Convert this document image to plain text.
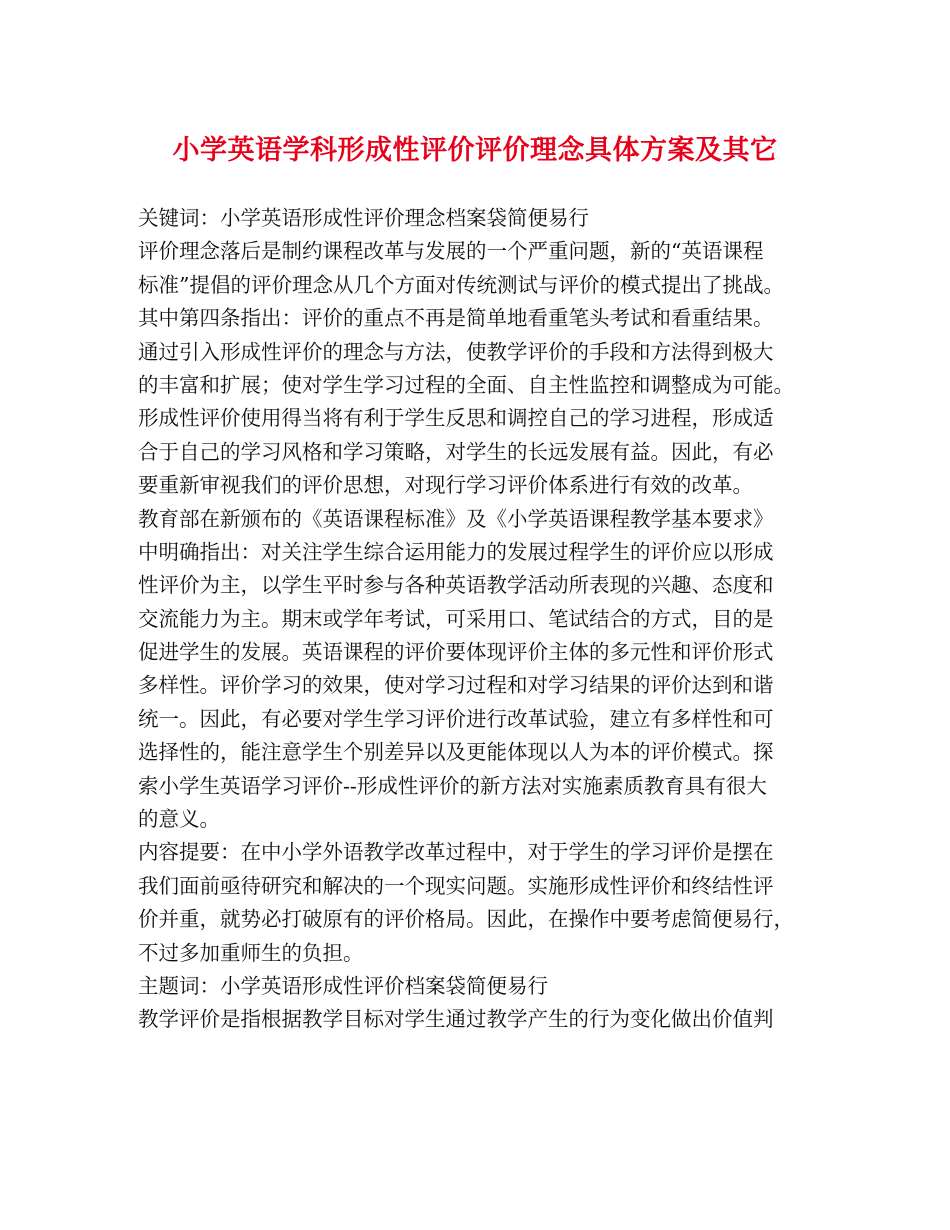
小学英语学科形成性评价评价理念具体方案及其它
关键词：小学英语形成性评价理念档案袋简便易行
评价理念落后是制约课程改革与发展的一个严重问题，新的“英语课程
标准”提倡的评价理念从几个方面对传统测试与评价的模式提出了挑战。
其中第四条指出：评价的重点不再是简单地看重笔头考试和看重结果。
通过引入形成性评价的理念与方法，使教学评价的手段和方法得到极大
的丰富和扩展；使对学生学习过程的全面、自主性监控和调整成为可能。
形成性评价使用得当将有利于学生反思和调控自己的学习进程，形成适
合于自己的学习风格和学习策略，对学生的长远发展有益。因此，有必
要重新审视我们的评价思想，对现行学习评价体系进行有效的改革。
教育部在新颁布的《英语课程标准》及《小学英语课程教学基本要求》
中明确指出：对关注学生综合运用能力的发展过程学生的评价应以形成
性评价为主，以学生平时参与各种英语教学活动所表现的兴趣、态度和
交流能力为主。期末或学年考试，可采用口、笔试结合的方式，目的是
促进学生的发展。英语课程的评价要体现评价主体的多元性和评价形式
多样性。评价学习的效果，使对学习过程和对学习结果的评价达到和谐
统一。因此，有必要对学生学习评价进行改革试验，建立有多样性和可
选择性的，能注意学生个别差异以及更能体现以人为本的评价模式。探
索小学生英语学习评价--形成性评价的新方法对实施素质教育具有很大
的意义。
内容提要：在中小学外语教学改革过程中，对于学生的学习评价是摆在
我们面前亟待研究和解决的一个现实问题。实施形成性评价和终结性评
价并重，就势必打破原有的评价格局。因此，在操作中要考虑简便易行，
不过多加重师生的负担。
主题词：小学英语形成性评价档案袋简便易行
教学评价是指根据教学目标对学生通过教学产生的行为变化做出价值判
